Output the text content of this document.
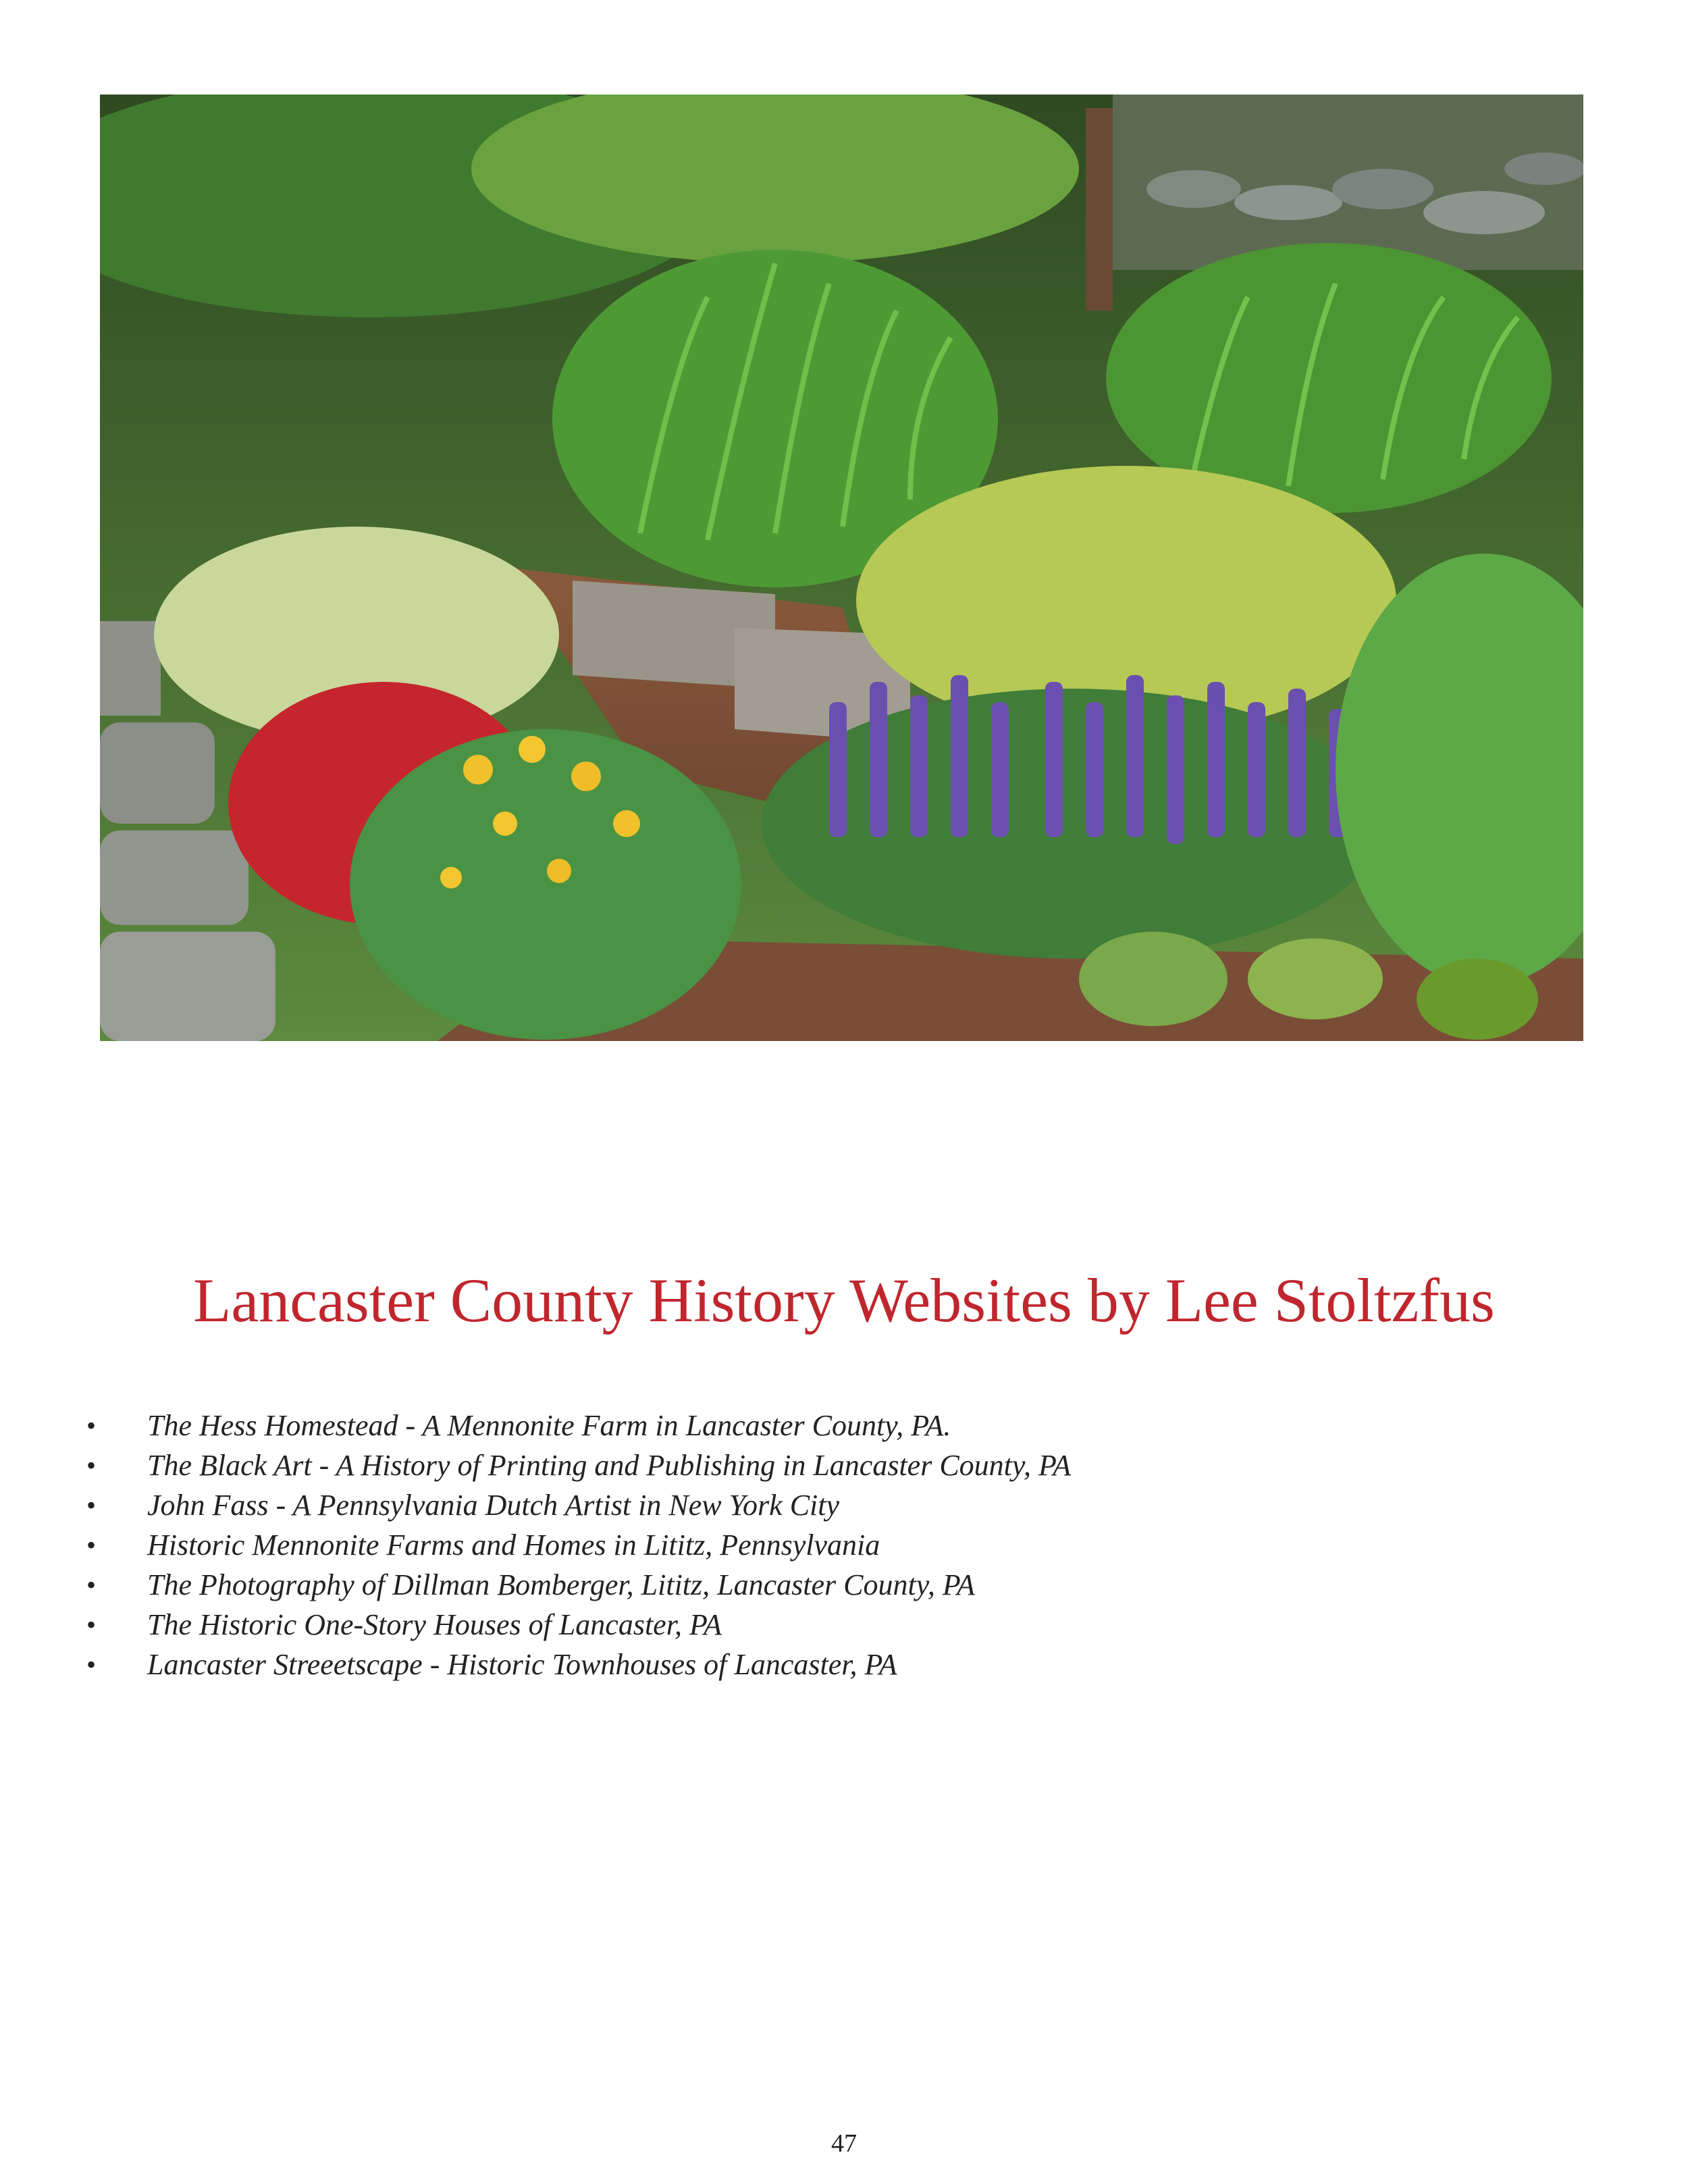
Lancaster County History Websites by Lee Stoltzfus
• The Hess Homestead - A Mennonite Farm in Lancaster County, PA.
• The Black Art - A History of Printing and Publishing in Lancaster County, PA
• John Fass - A Pennsylvania Dutch Artist in New York City
• Historic Mennonite Farms and Homes in Lititz, Pennsylvania
• The Photography of Dillman Bomberger, Lititz, Lancaster County, PA
• The Historic One-Story Houses of Lancaster, PA
• Lancaster Streeetscape - Historic Townhouses of Lancaster, PA
47
